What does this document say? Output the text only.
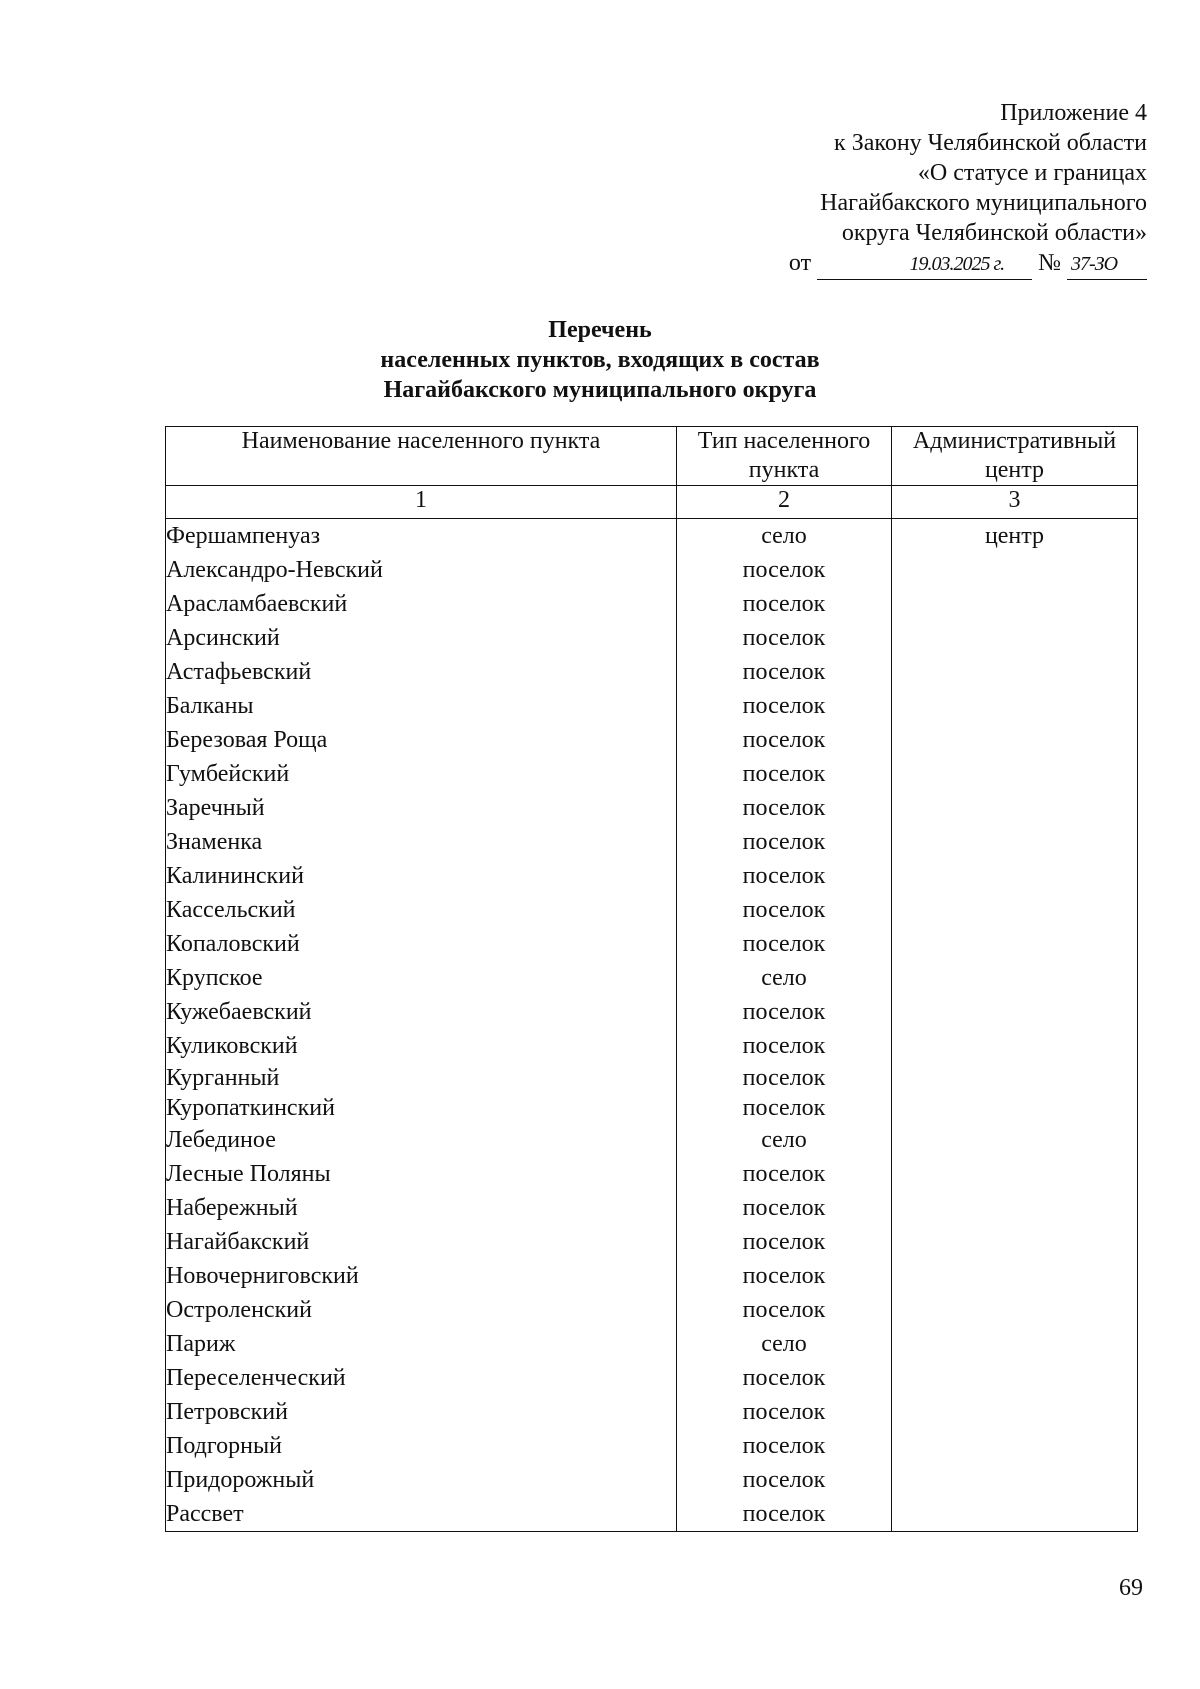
Приложение 4
к Закону Челябинской области
«О статусе и границах
Нагайбакского муниципального
округа Челябинской области»
от	19.03.2025 г.	№ 37-ЗО
Перечень
населенных пунктов, входящих в состав
Нагайбакского муниципального округа
Наименование населенного пункта	Тип населенного пункта	Административный центр
1	2	3
Фершампенуаз	село	центр
Александро-Невский	поселок	
Арасламбаевский	поселок	
Арсинский	поселок	
Астафьевский	поселок	
Балканы	поселок	
Березовая Роща	поселок	
Гумбейский	поселок	
Заречный	поселок	
Знаменка	поселок	
Калининский	поселок	
Кассельский	поселок	
Копаловский	поселок	
Крупское	село	
Кужебаевский	поселок	
Куликовский	поселок	
Курганный	поселок	
Куропаткинский	поселок	
Лебединое	село	
Лесные Поляны	поселок	
Набережный	поселок	
Нагайбакский	поселок	
Новочерниговский	поселок	
Остроленский	поселок	
Париж	село	
Переселенческий	поселок	
Петровский	поселок	
Подгорный	поселок	
Придорожный	поселок	
Рассвет	поселок	
69
